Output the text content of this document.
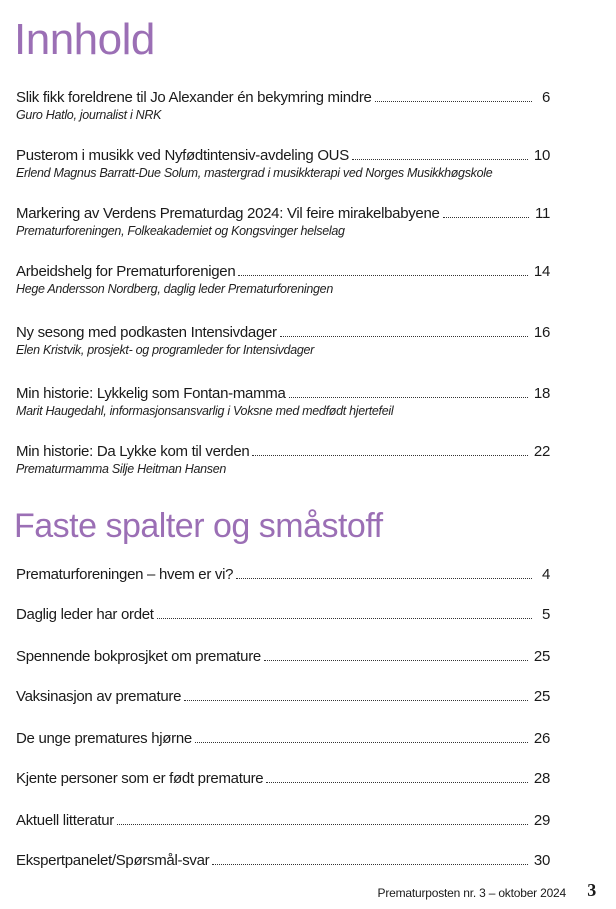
Innhold
Slik fikk foreldrene til Jo Alexander én bekymring mindre	6
Guro Hatlo, journalist i NRK
Pusterom i musikk ved Nyfødtintensiv-avdeling OUS	10
Erlend Magnus Barratt-Due Solum, mastergrad i musikkterapi ved Norges Musikkhøgskole
Markering av Verdens Prematurdag 2024: Vil feire mirakelbabyene	11
Prematurforeningen, Folkeakademiet og Kongsvinger helselag
Arbeidshelg for Prematurforenigen	14
Hege Andersson Nordberg, daglig leder Prematurforeningen
Ny sesong med podkasten Intensivdager	16
Elen Kristvik, prosjekt- og programleder for Intensivdager
Min historie: Lykkelig som Fontan-mamma	18
Marit Haugedahl, informasjonsansvarlig i Voksne med medfødt hjertefeil
Min historie: Da Lykke kom til verden	22
Prematurmamma Silje Heitman Hansen
Faste spalter og småstoff
Prematurforeningen – hvem er vi?	4
Daglig leder har ordet	5
Spennende bokprosjket om premature	25
Vaksinasjon av premature	25
De unge prematures hjørne	26
Kjente personer som er født premature	28
Aktuell litteratur	29
Ekspertpanelet/Spørsmål-svar	30
Prematurposten nr. 3 – oktober 2024 3
